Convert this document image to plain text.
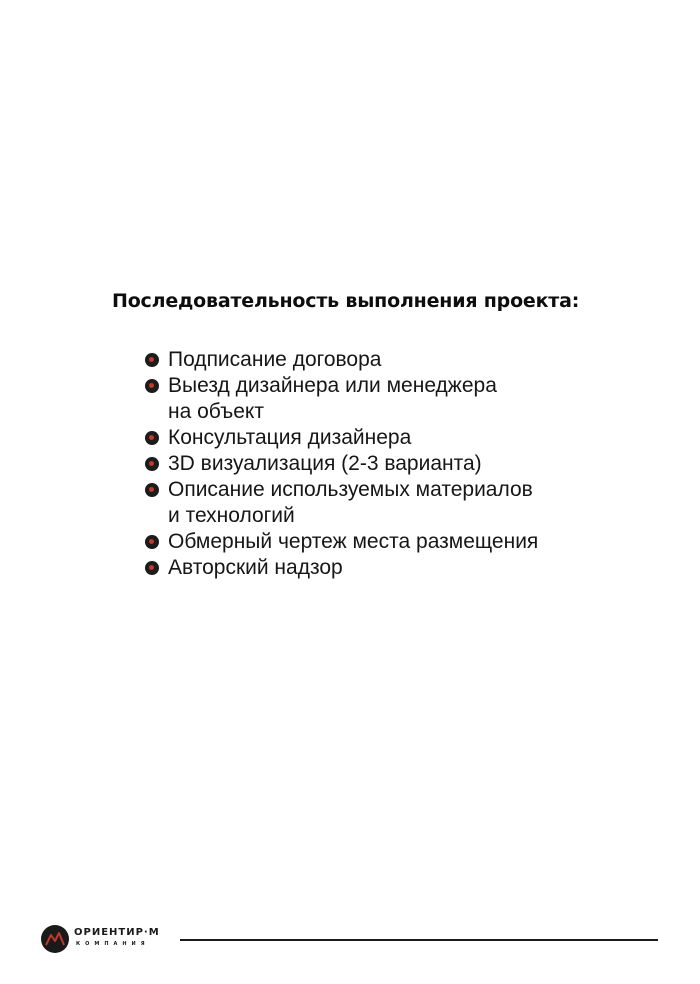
Последовательность выполнения проекта:
Подписание договора
Выезд дизайнера или менеджера
на объект
Консультация дизайнера
3D визуализация (2-3 варианта)
Описание используемых материалов
и технологий
Обмерный чертеж места размещения
Авторский надзор
ОРИЕНТИР·М
КОМПАНИЯ
